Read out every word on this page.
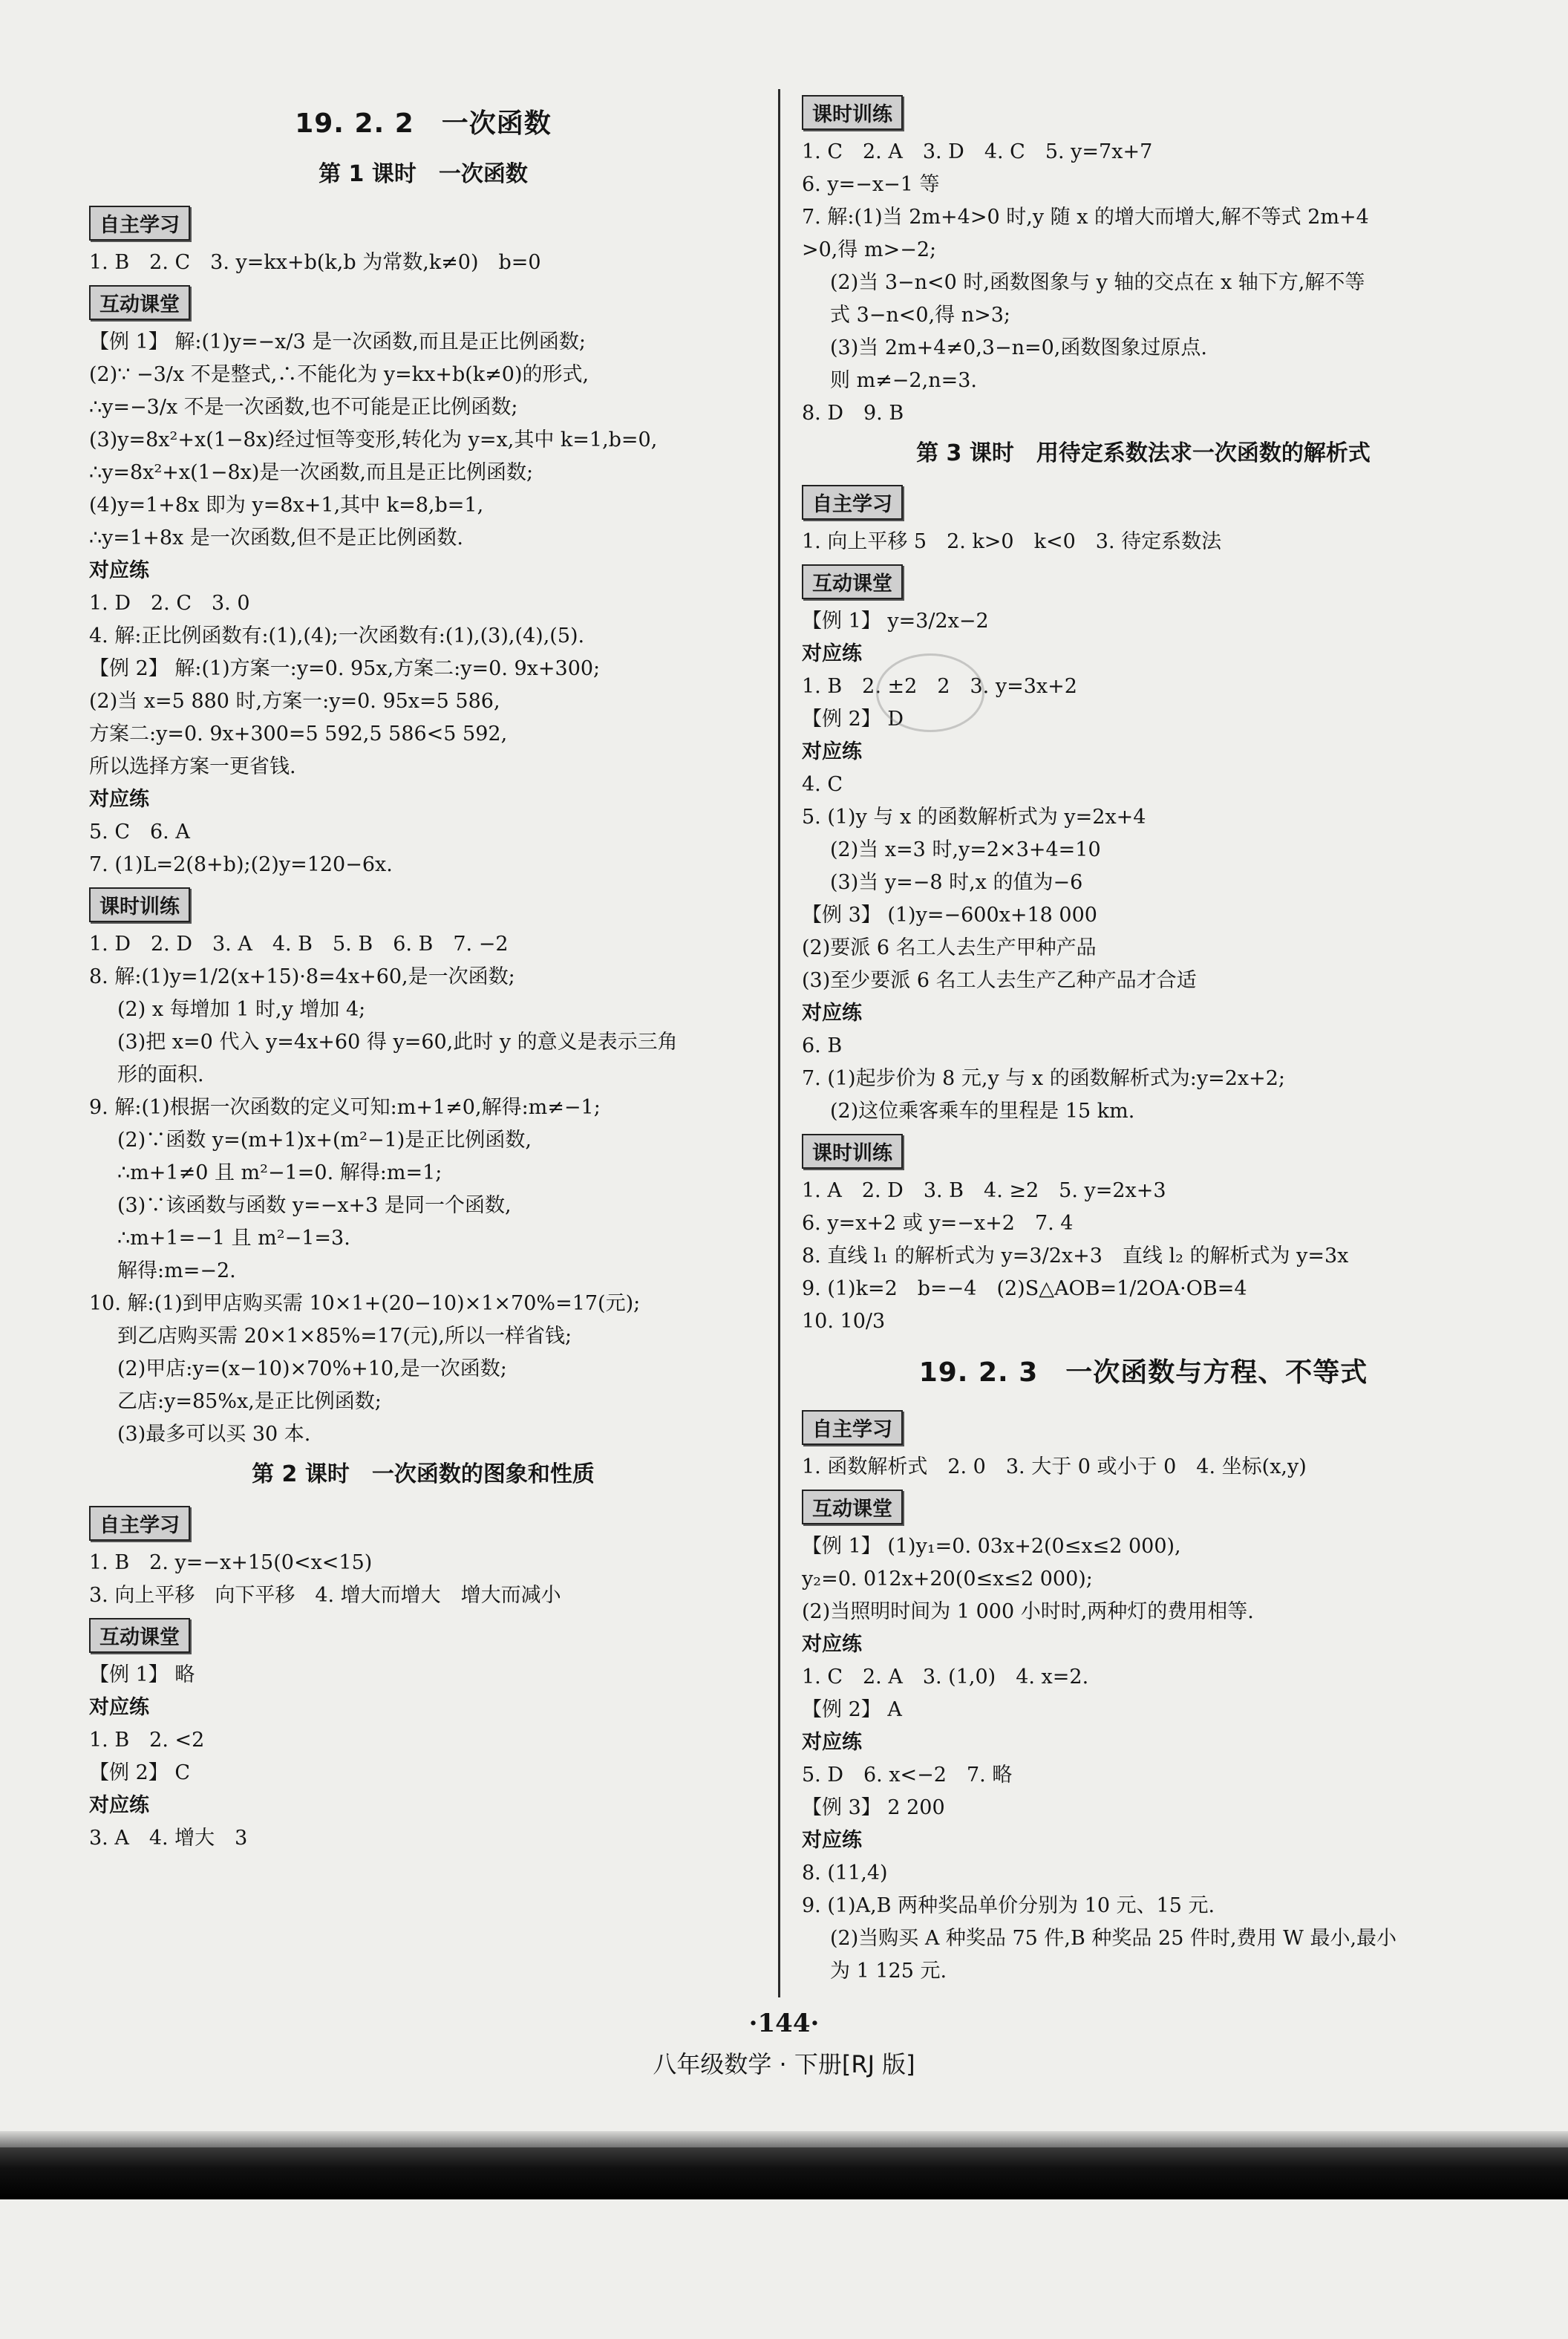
19. 2. 2　一次函数
第 1 课时　一次函数
自主学习
1. B　2. C　3. y=kx+b(k,b 为常数,k≠0)　b=0
互动课堂
【例 1】 解:(1)y=−x/3 是一次函数,而且是正比例函数;
(2)∵ −3/x 不是整式,∴不能化为 y=kx+b(k≠0)的形式,
∴y=−3/x 不是一次函数,也不可能是正比例函数;
(3)y=8x²+x(1−8x)经过恒等变形,转化为 y=x,其中 k=1,b=0,
∴y=8x²+x(1−8x)是一次函数,而且是正比例函数;
(4)y=1+8x 即为 y=8x+1,其中 k=8,b=1,
∴y=1+8x 是一次函数,但不是正比例函数.
对应练
1. D　2. C　3. 0
4. 解:正比例函数有:(1),(4);一次函数有:(1),(3),(4),(5).
【例 2】 解:(1)方案一:y=0. 95x,方案二:y=0. 9x+300;
(2)当 x=5 880 时,方案一:y=0. 95x=5 586,
方案二:y=0. 9x+300=5 592,5 586<5 592,
所以选择方案一更省钱.
对应练
5. C　6. A
7. (1)L=2(8+b);(2)y=120−6x.
课时训练
1. D　2. D　3. A　4. B　5. B　6. B　7. −2
8. 解:(1)y=1/2(x+15)·8=4x+60,是一次函数;
(2) x 每增加 1 时,y 增加 4;
(3)把 x=0 代入 y=4x+60 得 y=60,此时 y 的意义是表示三角
形的面积.
9. 解:(1)根据一次函数的定义可知:m+1≠0,解得:m≠−1;
(2)∵函数 y=(m+1)x+(m²−1)是正比例函数,
∴m+1≠0 且 m²−1=0. 解得:m=1;
(3)∵该函数与函数 y=−x+3 是同一个函数,
∴m+1=−1 且 m²−1=3.
解得:m=−2.
10. 解:(1)到甲店购买需 10×1+(20−10)×1×70%=17(元);
到乙店购买需 20×1×85%=17(元),所以一样省钱;
(2)甲店:y=(x−10)×70%+10,是一次函数;
乙店:y=85%x,是正比例函数;
(3)最多可以买 30 本.
第 2 课时　一次函数的图象和性质
自主学习
1. B　2. y=−x+15(0<x<15)
3. 向上平移　向下平移　4. 增大而增大　增大而减小
互动课堂
【例 1】 略
对应练
1. B　2. <2
【例 2】 C
对应练
3. A　4. 增大　3
课时训练
1. C　2. A　3. D　4. C　5. y=7x+7
6. y=−x−1 等
7. 解:(1)当 2m+4>0 时,y 随 x 的增大而增大,解不等式 2m+4
>0,得 m>−2;
(2)当 3−n<0 时,函数图象与 y 轴的交点在 x 轴下方,解不等
式 3−n<0,得 n>3;
(3)当 2m+4≠0,3−n=0,函数图象过原点.
则 m≠−2,n=3.
8. D　9. B
第 3 课时　用待定系数法求一次函数的解析式
自主学习
1. 向上平移 5　2. k>0　k<0　3. 待定系数法
互动课堂
【例 1】 y=3/2x−2
对应练
1. B　2. ±2　2　3. y=3x+2
【例 2】 D
对应练
4. C
5. (1)y 与 x 的函数解析式为 y=2x+4
(2)当 x=3 时,y=2×3+4=10
(3)当 y=−8 时,x 的值为−6
【例 3】 (1)y=−600x+18 000
(2)要派 6 名工人去生产甲种产品
(3)至少要派 6 名工人去生产乙种产品才合适
对应练
6. B
7. (1)起步价为 8 元,y 与 x 的函数解析式为:y=2x+2;
(2)这位乘客乘车的里程是 15 km.
课时训练
1. A　2. D　3. B　4. ≥2　5. y=2x+3
6. y=x+2 或 y=−x+2　7. 4
8. 直线 l₁ 的解析式为 y=3/2x+3　直线 l₂ 的解析式为 y=3x
9. (1)k=2　b=−4　(2)S△AOB=1/2OA·OB=4
10. 10/3
19. 2. 3　一次函数与方程、不等式
自主学习
1. 函数解析式　2. 0　3. 大于 0 或小于 0　4. 坐标(x,y)
互动课堂
【例 1】 (1)y₁=0. 03x+2(0≤x≤2 000),
y₂=0. 012x+20(0≤x≤2 000);
(2)当照明时间为 1 000 小时时,两种灯的费用相等.
对应练
1. C　2. A　3. (1,0)　4. x=2.
【例 2】 A
对应练
5. D　6. x<−2　7. 略
【例 3】 2 200
对应练
8. (11,4)
9. (1)A,B 两种奖品单价分别为 10 元、15 元.
(2)当购买 A 种奖品 75 件,B 种奖品 25 件时,费用 W 最小,最小
为 1 125 元.
·144·
八年级数学 · 下册[RJ 版]
